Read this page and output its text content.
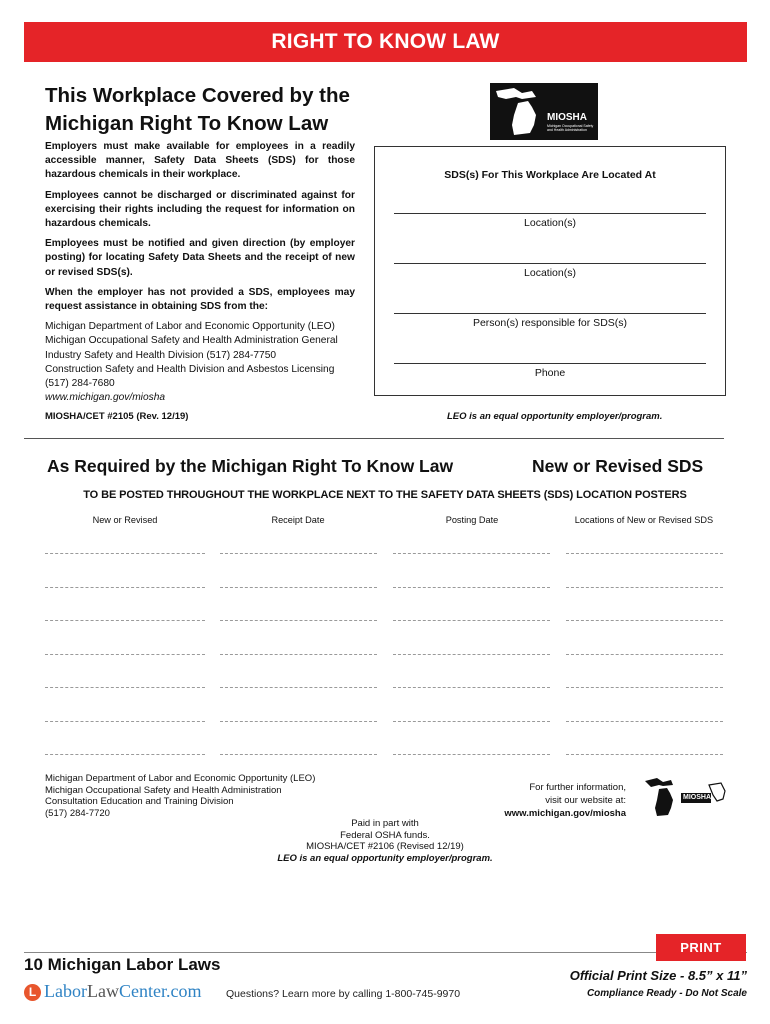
RIGHT TO KNOW LAW
This Workplace Covered by the
Michigan Right To Know Law	MIOSHA
Michigan Occupational Safety and Health Administration

Employers must make available for employees in a readily accessible manner, Safety Data Sheets (SDS) for those hazardous chemicals in their workplace.

Employees cannot be discharged or discriminated against for exercising their rights including the request for information on hazardous chemicals.

Employees must be notified and given direction (by employer posting) for locating Safety Data Sheets and the receipt of new or revised SDS(s).

When the employer has not provided a SDS, employees may request assistance in obtaining SDS from the:

Michigan Department of Labor and Economic Opportunity (LEO)
Michigan Occupational Safety and Health Administration General
Industry Safety and Health Division (517) 284-7750
Construction Safety and Health Division and Asbestos Licensing
(517) 284-7680
www.michigan.gov/miosha
SDS(s) For This Workplace Are Located At
Location(s)
Location(s)
Person(s) responsible for SDS(s)
Phone
MIOSHA/CET #2105 (Rev. 12/19)	LEO is an equal opportunity employer/program.
As Required by the Michigan Right To Know Law	New or Revised SDS
TO BE POSTED THROUGHOUT THE WORKPLACE NEXT TO THE SAFETY DATA SHEETS (SDS) LOCATION POSTERS
New or Revised	Receipt Date	Posting Date	Locations of New or Revised SDS
Michigan Department of Labor and Economic Opportunity (LEO)
Michigan Occupational Safety and Health Administration
Consultation Education and Training Division
(517) 284-7720
Paid in part with
Federal OSHA funds.
MIOSHA/CET #2106 (Revised 12/19)
LEO is an equal opportunity employer/program.
For further information,
visit our website at:
www.michigan.gov/miosha
MIOSHA
10 Michigan Labor Laws
L LaborLawCenter.com Questions? Learn more by calling 1-800-745-9970
PRINT
Official Print Size - 8.5” x 11”
Compliance Ready - Do Not Scale
